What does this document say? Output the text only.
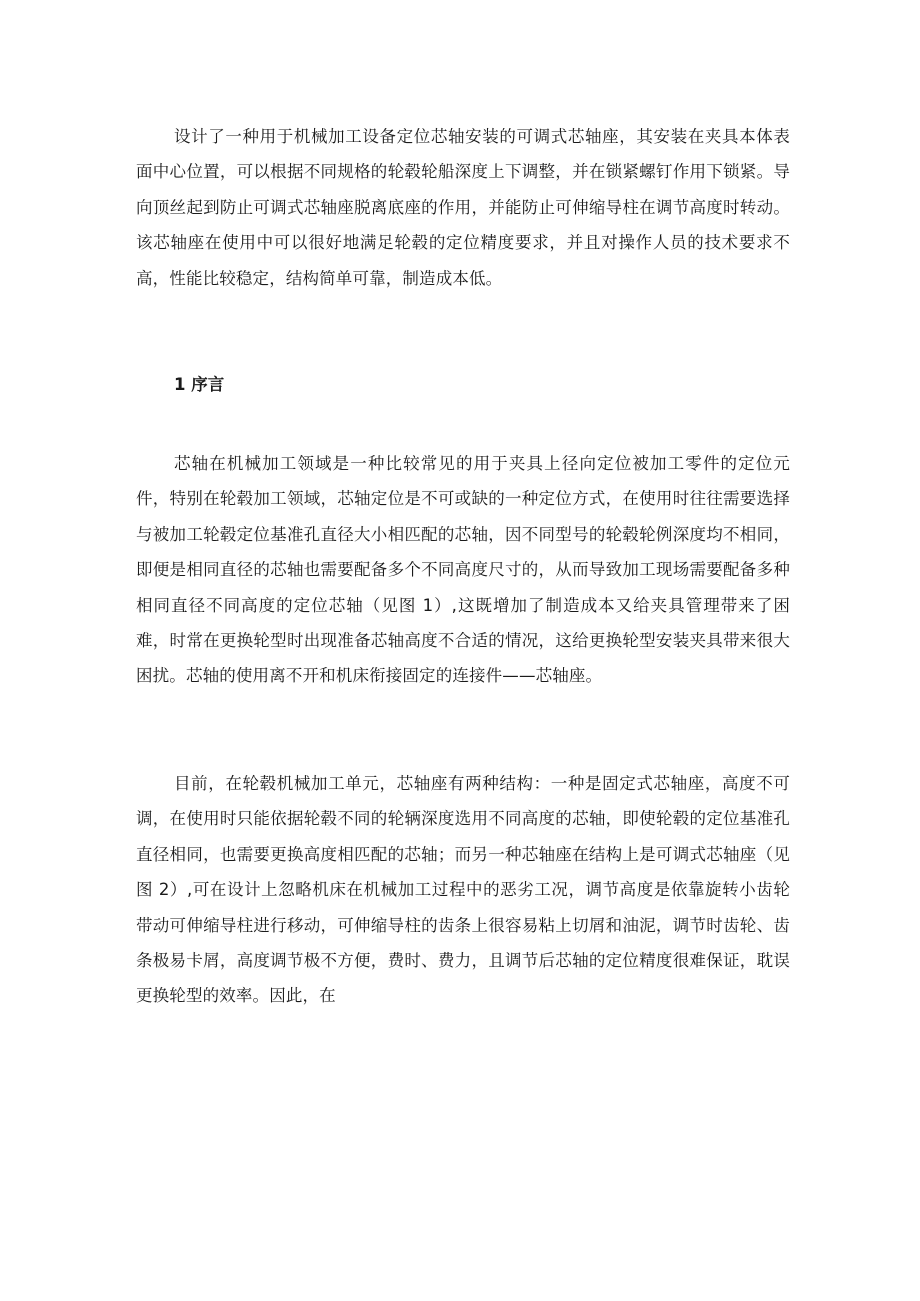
设计了一种用于机械加工设备定位芯轴安装的可调式芯轴座，其安装在夹具本体表面中心位置，可以根据不同规格的轮毂轮船深度上下调整，并在锁紧螺钉作用下锁紧。导向顶丝起到防止可调式芯轴座脱离底座的作用，并能防止可伸缩导柱在调节高度时转动。该芯轴座在使用中可以很好地满足轮毂的定位精度要求，并且对操作人员的技术要求不高，性能比较稳定，结构简单可靠，制造成本低。

1 序言

芯轴在机械加工领域是一种比较常见的用于夹具上径向定位被加工零件的定位元件，特别在轮毂加工领域，芯轴定位是不可或缺的一种定位方式，在使用时往往需要选择与被加工轮毂定位基准孔直径大小相匹配的芯轴，因不同型号的轮毂轮例深度均不相同，即便是相同直径的芯轴也需要配备多个不同高度尺寸的，从而导致加工现场需要配备多种相同直径不同高度的定位芯轴（见图 1）,这既增加了制造成本又给夹具管理带来了困难，时常在更换轮型时出现准备芯轴高度不合适的情况，这给更换轮型安装夹具带来很大困扰。芯轴的使用离不开和机床衔接固定的连接件——芯轴座。

目前，在轮毂机械加工单元，芯轴座有两种结构：一种是固定式芯轴座，高度不可调，在使用时只能依据轮毂不同的轮辆深度选用不同高度的芯轴，即使轮毂的定位基准孔直径相同，也需要更换高度相匹配的芯轴；而另一种芯轴座在结构上是可调式芯轴座（见图 2）,可在设计上忽略机床在机械加工过程中的恶劣工况，调节高度是依靠旋转小齿轮带动可伸缩导柱进行移动，可伸缩导柱的齿条上很容易粘上切屑和油泥，调节时齿轮、齿条极易卡屑，高度调节极不方便，费时、费力，且调节后芯轴的定位精度很难保证，耽误更换轮型的效率。因此，在
